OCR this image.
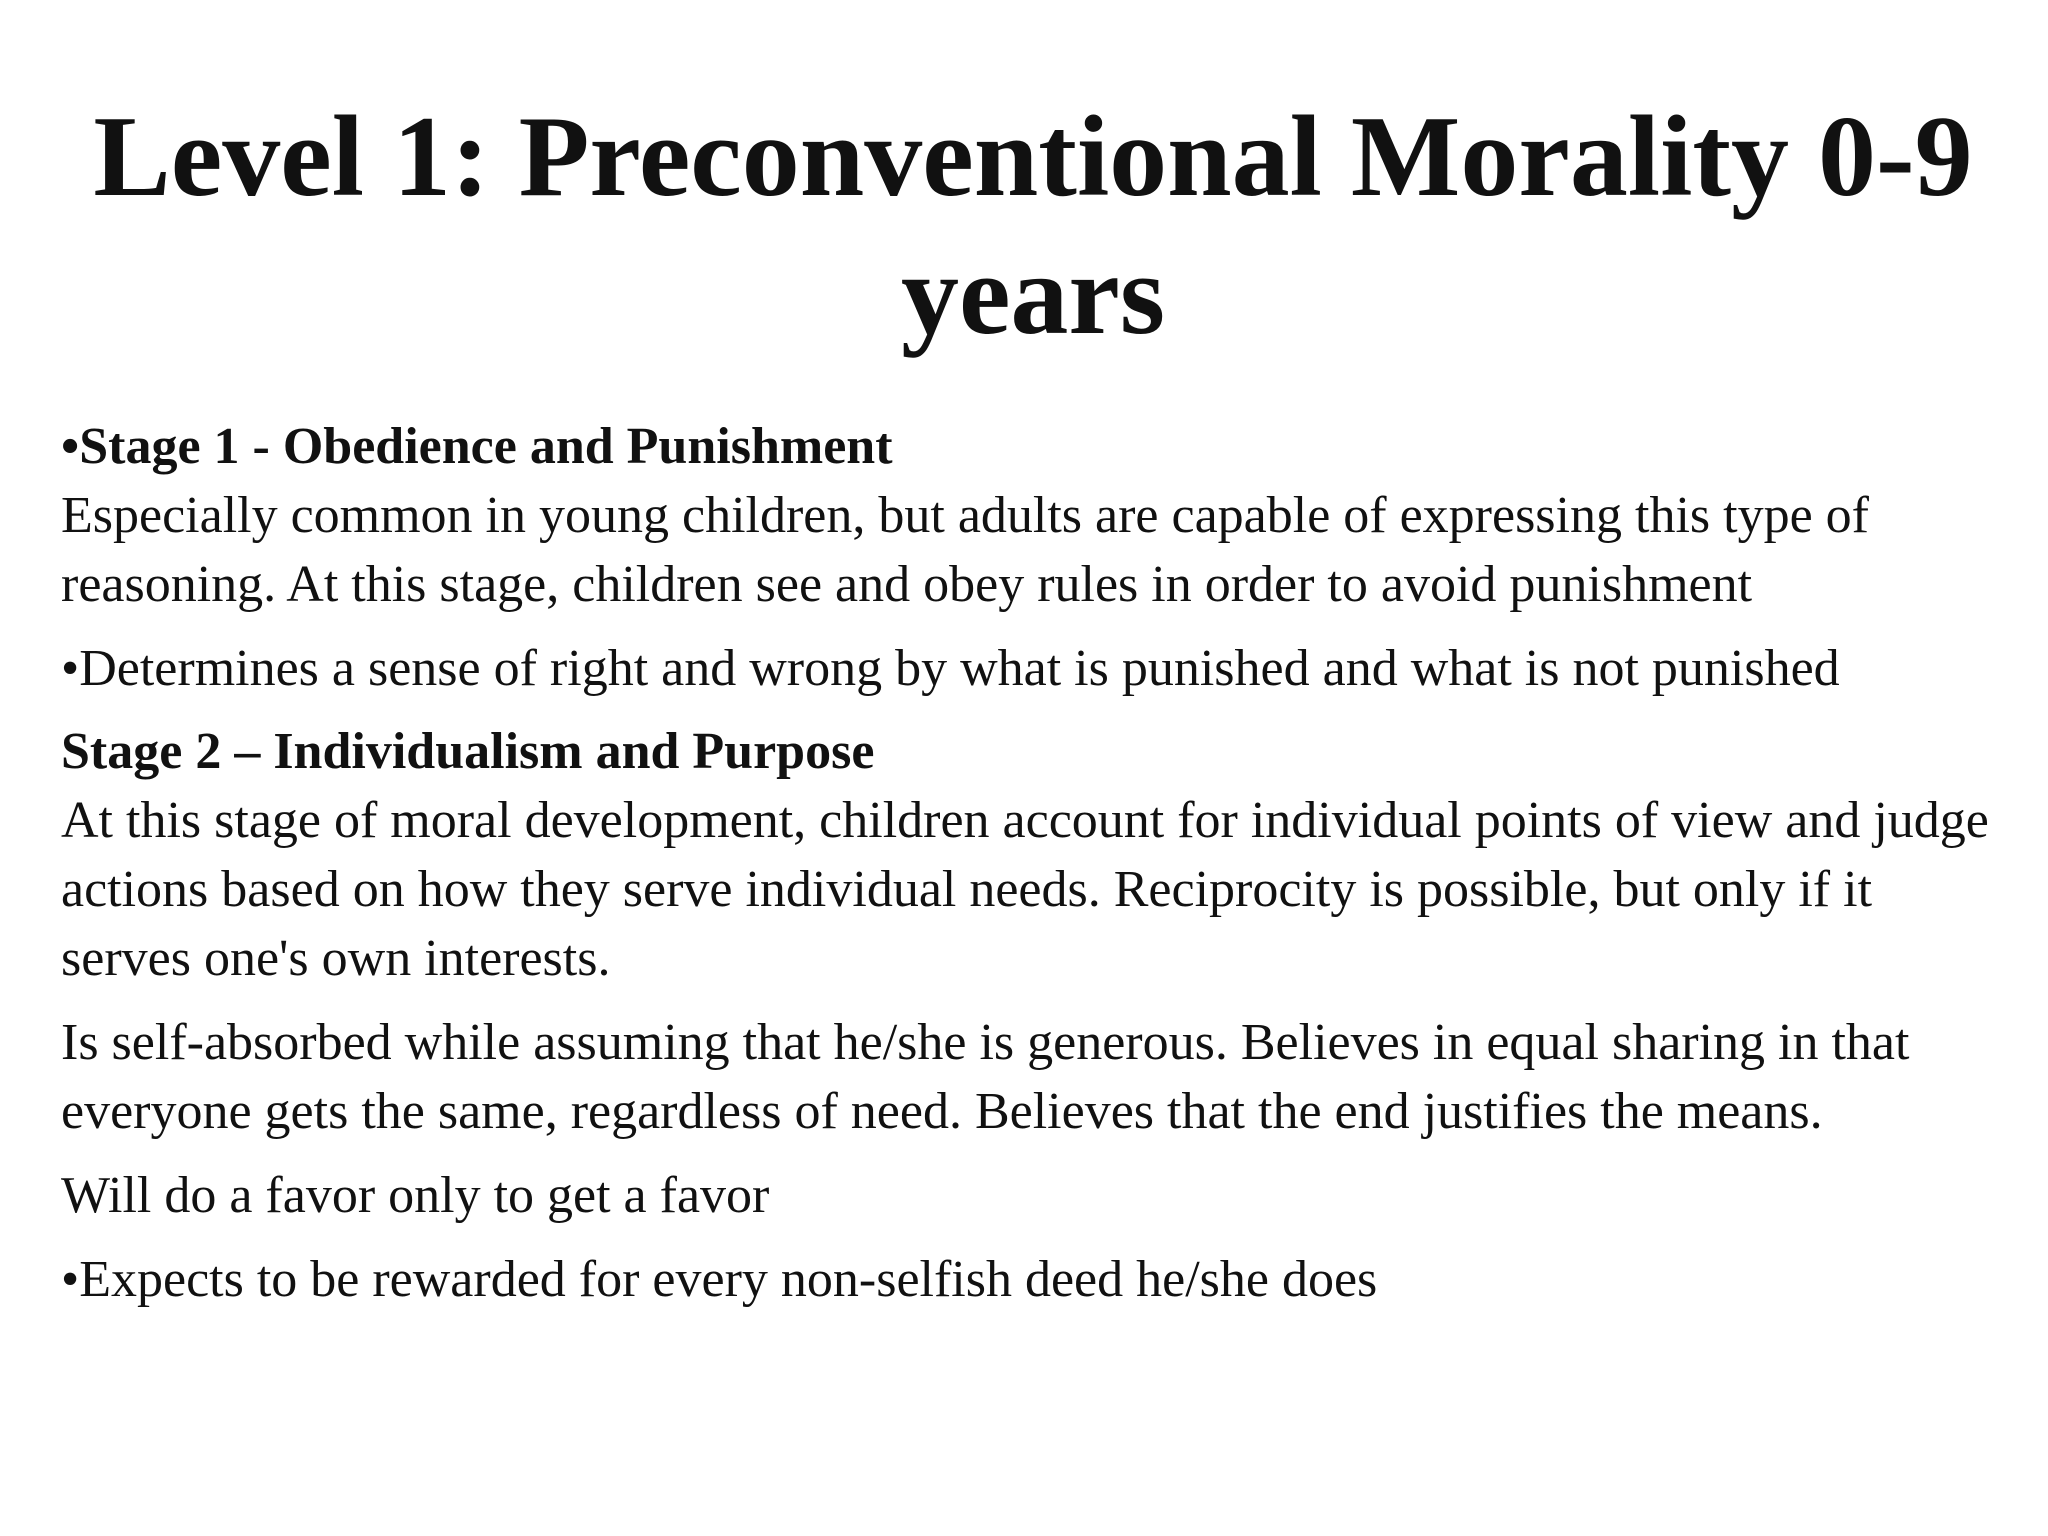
Level 1: Preconventional Morality 0-9 years

•Stage 1 - Obedience and Punishment

Especially common in young children, but adults are capable of expressing this type of reasoning. At this stage, children see and obey rules in order to avoid punishment

•Determines a sense of right and wrong by what is punished and what is not punished

Stage 2 – Individualism and Purpose

At this stage of moral development, children account for individual points of view and judge actions based on how they serve individual needs. Reciprocity is possible, but only if it serves one's own interests.

Is self-absorbed while assuming that he/she is generous. Believes in equal sharing in that everyone gets the same, regardless of need. Believes that the end justifies the means.

Will do a favor only to get a favor

•Expects to be rewarded for every non-selfish deed he/she does
